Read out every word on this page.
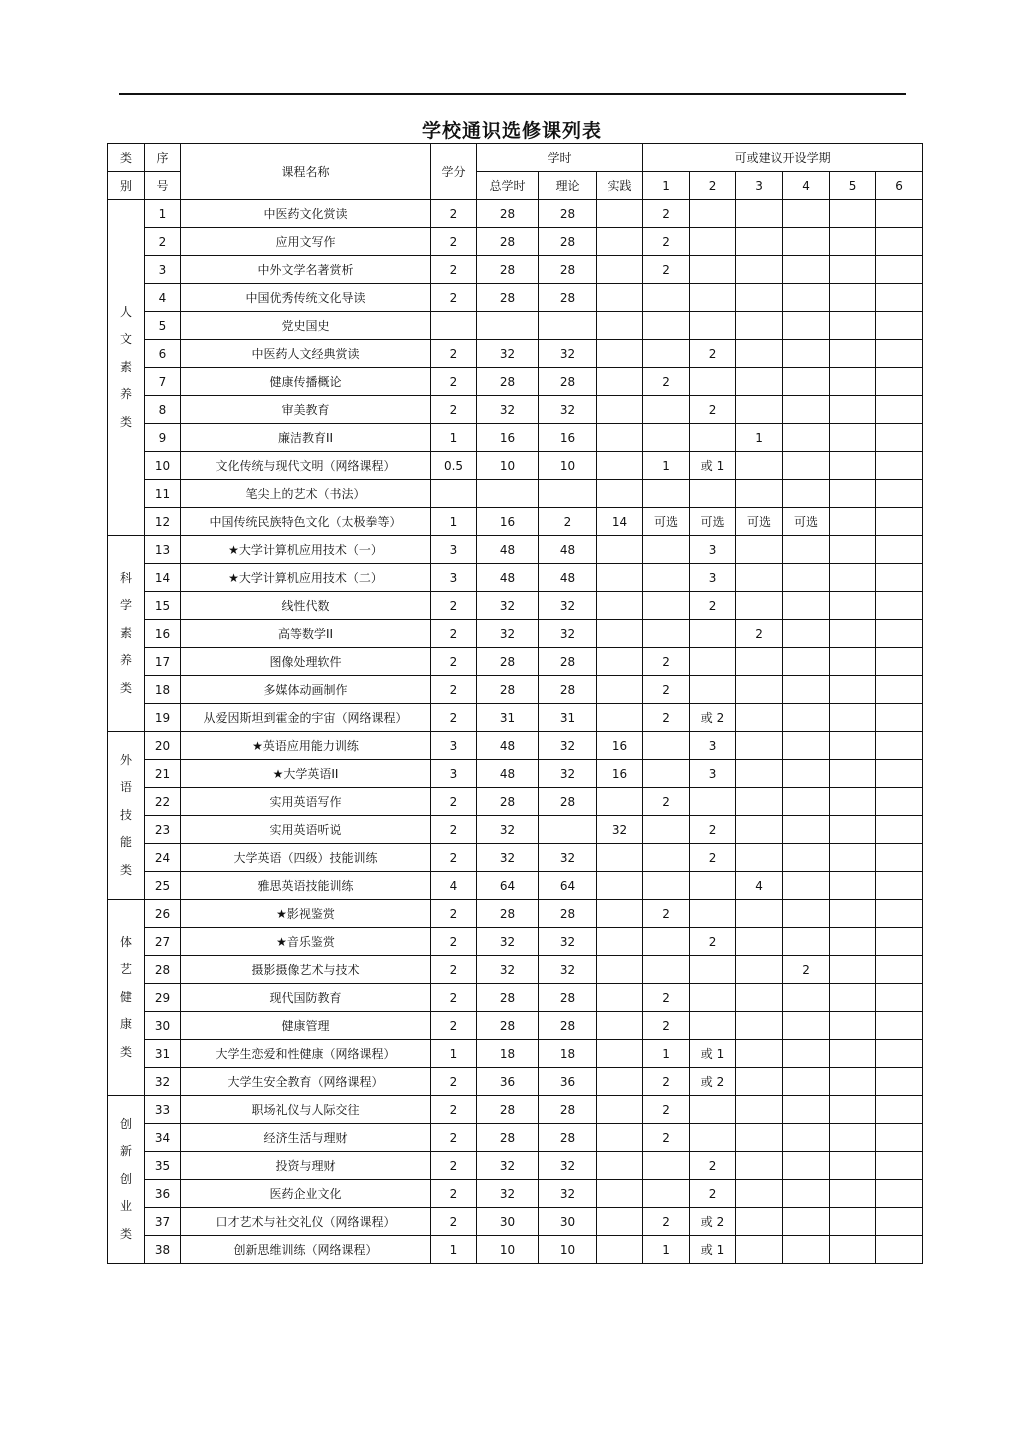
学校通识选修课列表
类	序	课程名称	学分	学时			可或建议开设学期					
别	号			总学时	理论	实践	1	2	3	4	5	6

人
文
素
养
类	1	中医药文化赏读	2	28	28		2					
	2	应用文写作	2	28	28		2					
	3	中外文学名著赏析	2	28	28		2					
	4	中国优秀传统文化导读	2	28	28							
	5	党史国史										
	6	中医药人文经典赏读	2	32	32			2				
	7	健康传播概论	2	28	28		2					
	8	审美教育	2	32	32			2				
	9	廉洁教育II	1	16	16				1			
	10	文化传统与现代文明（网络课程）	0.5	10	10		1	或 1				
	11	笔尖上的艺术（书法）										
	12	中国传统民族特色文化（太极拳等）	1	16	2	14	可选	可选	可选	可选		

科
学
素
养
类	13	★大学计算机应用技术（一）	3	48	48			3				
	14	★大学计算机应用技术（二）	3	48	48			3				
	15	线性代数	2	32	32			2				
	16	高等数学II	2	32	32				2			
	17	图像处理软件	2	28	28		2					
	18	多媒体动画制作	2	28	28		2					
	19	从爱因斯坦到霍金的宇宙（网络课程）	2	31	31		2	或 2				

外
语
技
能
类	20	★英语应用能力训练	3	48	32	16		3				
	21	★大学英语II	3	48	32	16		3				
	22	实用英语写作	2	28	28		2					
	23	实用英语听说	2	32		32		2				
	24	大学英语（四级）技能训练	2	32	32			2				
	25	雅思英语技能训练	4	64	64				4			

体
艺
健
康
类	26	★影视鉴赏	2	28	28		2					
	27	★音乐鉴赏	2	32	32			2				
	28	摄影摄像艺术与技术	2	32	32					2		
	29	现代国防教育	2	28	28		2					
	30	健康管理	2	28	28		2					
	31	大学生恋爱和性健康（网络课程）	1	18	18		1	或 1				
	32	大学生安全教育（网络课程）	2	36	36		2	或 2				

创
新
创
业
类	33	职场礼仪与人际交往	2	28	28		2					
	34	经济生活与理财	2	28	28		2					
	35	投资与理财	2	32	32			2				
	36	医药企业文化	2	32	32			2				
	37	口才艺术与社交礼仪（网络课程）	2	30	30		2	或 2				
	38	创新思维训练（网络课程）	1	10	10		1	或 1				
